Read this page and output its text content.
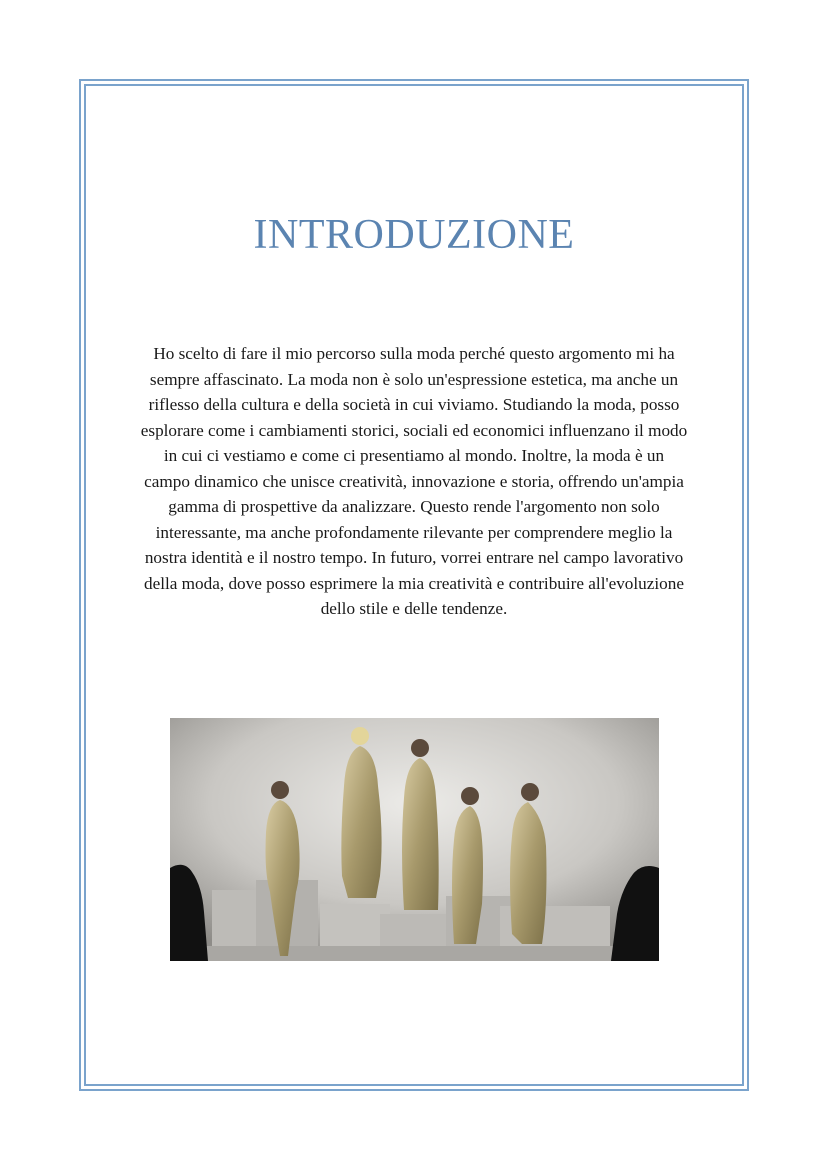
INTRODUZIONE

Ho scelto di fare il mio percorso sulla moda perché questo argomento mi ha sempre affascinato. La moda non è solo un'espressione estetica, ma anche un riflesso della cultura e della società in cui viviamo. Studiando la moda, posso esplorare come i cambiamenti storici, sociali ed economici influenzano il modo in cui ci vestiamo e come ci presentiamo al mondo. Inoltre, la moda è un campo dinamico che unisce creatività, innovazione e storia, offrendo un'ampia gamma di prospettive da analizzare. Questo rende l'argomento non solo interessante, ma anche profondamente rilevante per comprendere meglio la nostra identità e il nostro tempo. In futuro, vorrei entrare nel campo lavorativo della moda, dove posso esprimere la mia creatività e contribuire all'evoluzione dello stile e delle tendenze.
